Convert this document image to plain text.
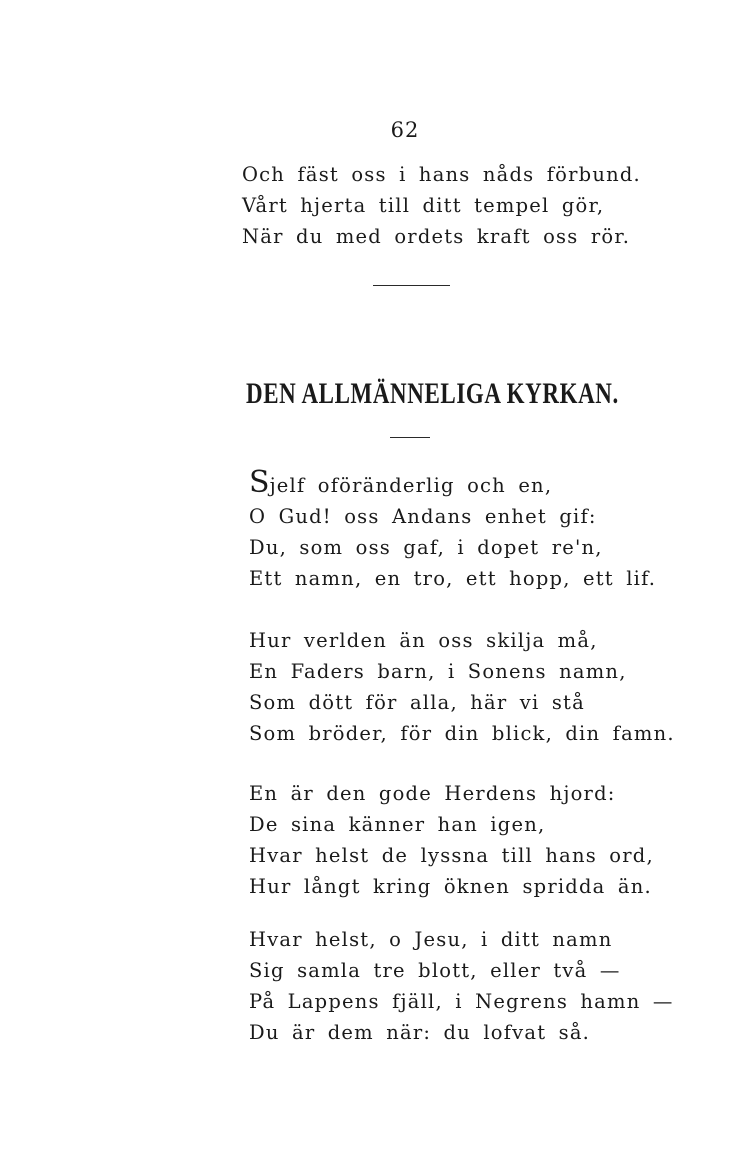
62
Och fäst oss i hans nåds förbund.
Vårt hjerta till ditt tempel gör,
När du med ordets kraft oss rör.
DEN ALLMÄNNELIGA KYRKAN.
Sjelf oföränderlig och en,
O Gud! oss Andans enhet gif:
Du, som oss gaf, i dopet re'n,
Ett namn, en tro, ett hopp, ett lif.
Hur verlden än oss skilja må,
En Faders barn, i Sonens namn,
Som dött för alla, här vi stå
Som bröder, för din blick, din famn.
En är den gode Herdens hjord:
De sina känner han igen,
Hvar helst de lyssna till hans ord,
Hur långt kring öknen spridda än.
Hvar helst, o Jesu, i ditt namn
Sig samla tre blott, eller två —
På Lappens fjäll, i Negrens hamn —
Du är dem när: du lofvat så.
